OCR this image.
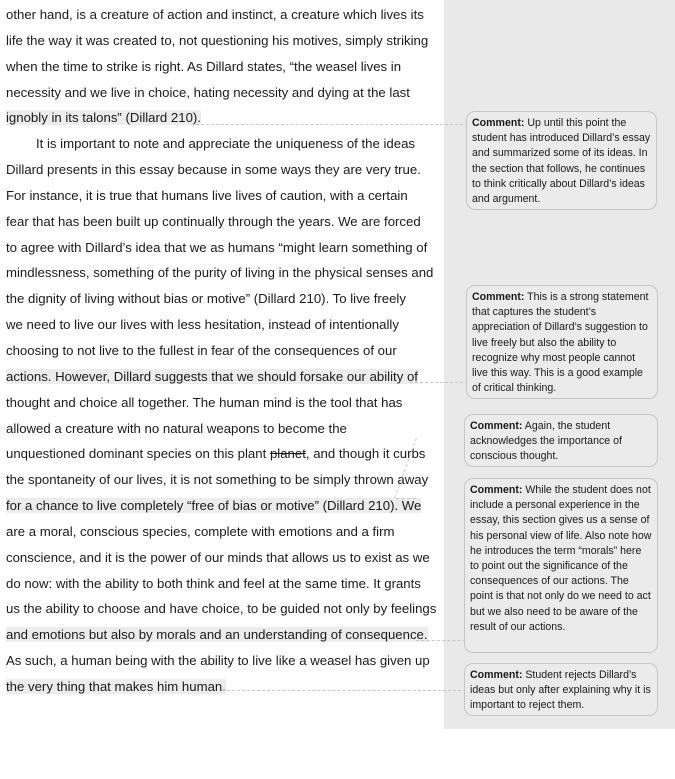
other hand, is a creature of action and instinct, a creature which lives its
life the way it was created to, not questioning his motives, simply striking
when the time to strike is right. As Dillard states, “the weasel lives in
necessity and we live in choice, hating necessity and dying at the last
ignobly in its talons” (Dillard 210).
It is important to note and appreciate the uniqueness of the ideas
Dillard presents in this essay because in some ways they are very true.
For instance, it is true that humans live lives of caution, with a certain
fear that has been built up continually through the years. We are forced
to agree with Dillard’s idea that we as humans “might learn something of
mindlessness, something of the purity of living in the physical senses and
the dignity of living without bias or motive” (Dillard 210). To live freely
we need to live our lives with less hesitation, instead of intentionally
choosing to not live to the fullest in fear of the consequences of our
actions. However, Dillard suggests that we should forsake our ability of
thought and choice all together. The human mind is the tool that has
allowed a creature with no natural weapons to become the
unquestioned dominant species on this plant planet, and though it curbs
the spontaneity of our lives, it is not something to be simply thrown away
for a chance to live completely “free of bias or motive” (Dillard 210). We
are a moral, conscious species, complete with emotions and a firm
conscience, and it is the power of our minds that allows us to exist as we
do now: with the ability to both think and feel at the same time. It grants
us the ability to choose and have choice, to be guided not only by feelings
and emotions but also by morals and an understanding of consequence.
As such, a human being with the ability to live like a weasel has given up
the very thing that makes him human.
Comment: Up until this point the student has introduced Dillard’s essay and summarized some of its ideas. In the section that follows, he continues to think critically about Dillard’s ideas and argument.
Comment: This is a strong statement that captures the student’s appreciation of Dillard’s suggestion to live freely but also the ability to recognize why most people cannot live this way. This is a good example of critical thinking.
Comment: Again, the student acknowledges the importance of conscious thought.
Comment: While the student does not include a personal experience in the essay, this section gives us a sense of his personal view of life. Also note how he introduces the term “morals” here to point out the significance of the consequences of our actions. The point is that not only do we need to act but we also need to be aware of the result of our actions.
Comment: Student rejects Dillard’s ideas but only after explaining why it is important to reject them.
